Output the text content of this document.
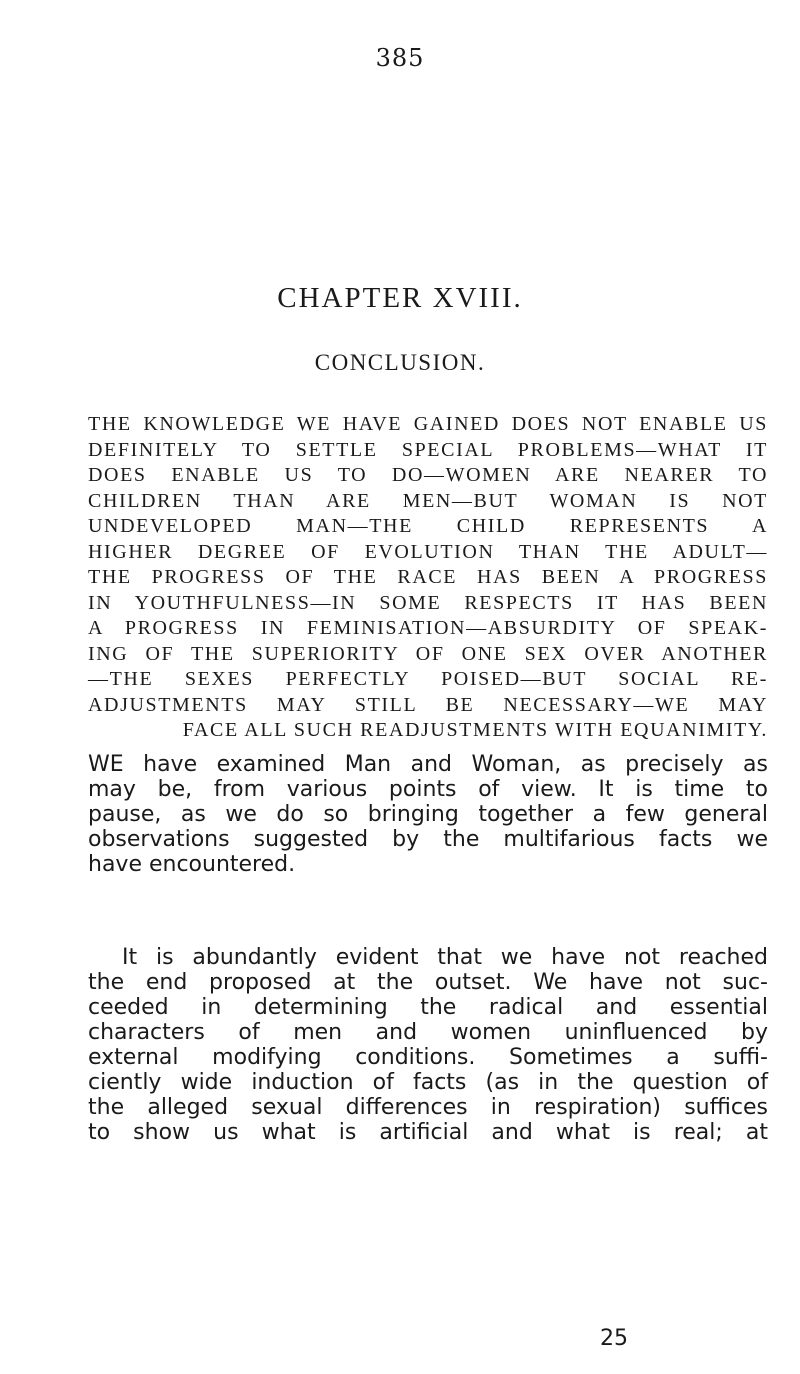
385
CHAPTER XVIII.
CONCLUSION.
THE KNOWLEDGE WE HAVE GAINED DOES NOT ENABLE US
DEFINITELY TO SETTLE SPECIAL PROBLEMS—WHAT IT
DOES ENABLE US TO DO—WOMEN ARE NEARER TO
CHILDREN THAN ARE MEN—BUT WOMAN IS NOT
UNDEVELOPED MAN—THE CHILD REPRESENTS A
HIGHER DEGREE OF EVOLUTION THAN THE ADULT—
THE PROGRESS OF THE RACE HAS BEEN A PROGRESS
IN YOUTHFULNESS—IN SOME RESPECTS IT HAS BEEN
A PROGRESS IN FEMINISATION—ABSURDITY OF SPEAK-
ING OF THE SUPERIORITY OF ONE SEX OVER ANOTHER
—THE SEXES PERFECTLY POISED—BUT SOCIAL RE-
ADJUSTMENTS MAY STILL BE NECESSARY—WE MAY
FACE ALL SUCH READJUSTMENTS WITH EQUANIMITY.
WE have examined Man and Woman, as precisely as
may be, from various points of view. It is time to
pause, as we do so bringing together a few general
observations suggested by the multifarious facts we
have encountered.
It is abundantly evident that we have not reached
the end proposed at the outset. We have not suc-
ceeded in determining the radical and essential
characters of men and women uninfluenced by
external modifying conditions. Sometimes a suffi-
ciently wide induction of facts (as in the question of
the alleged sexual differences in respiration) suffices
to show us what is artificial and what is real; at
25
